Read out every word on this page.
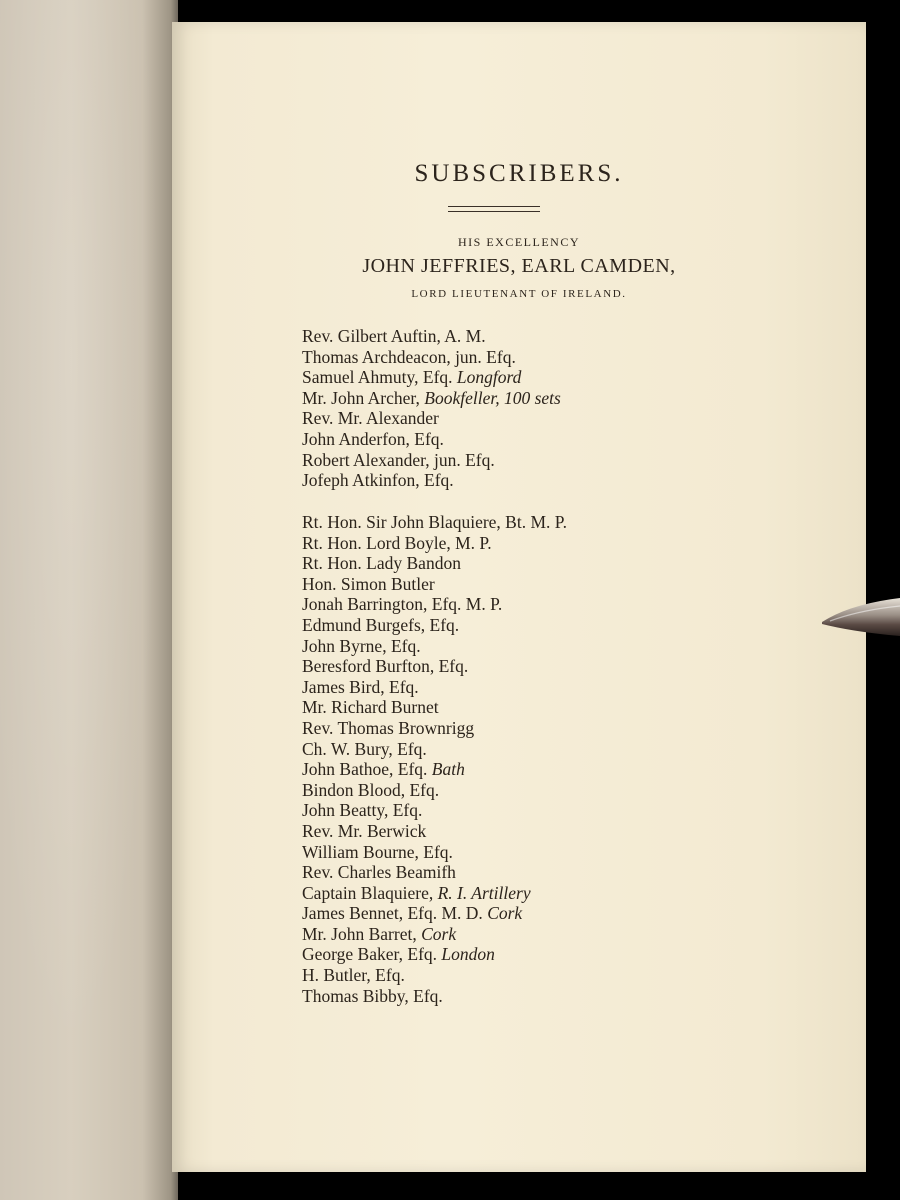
SUBSCRIBERS.
HIS EXCELLENCY
JOHN JEFFRIES, EARL CAMDEN,
LORD LIEUTENANT OF IRELAND.
Rev. Gilbert Auftin, A. M.
Thomas Archdeacon, jun. Efq.
Samuel Ahmuty, Efq. Longford
Mr. John Archer, Bookfeller, 100 sets
Rev. Mr. Alexander
John Anderfon, Efq.
Robert Alexander, jun. Efq.
Jofeph Atkinfon, Efq.
Rt. Hon. Sir John Blaquiere, Bt. M. P.
Rt. Hon. Lord Boyle, M. P.
Rt. Hon. Lady Bandon
Hon. Simon Butler
Jonah Barrington, Efq. M. P.
Edmund Burgefs, Efq.
John Byrne, Efq.
Beresford Burfton, Efq.
James Bird, Efq.
Mr. Richard Burnet
Rev. Thomas Brownrigg
Ch. W. Bury, Efq.
John Bathoe, Efq. Bath
Bindon Blood, Efq.
John Beatty, Efq.
Rev. Mr. Berwick
William Bourne, Efq.
Rev. Charles Beamifh
Captain Blaquiere, R. I. Artillery
James Bennet, Efq. M. D. Cork
Mr. John Barret, Cork
George Baker, Efq. London
H. Butler, Efq.
Thomas Bibby, Efq.
